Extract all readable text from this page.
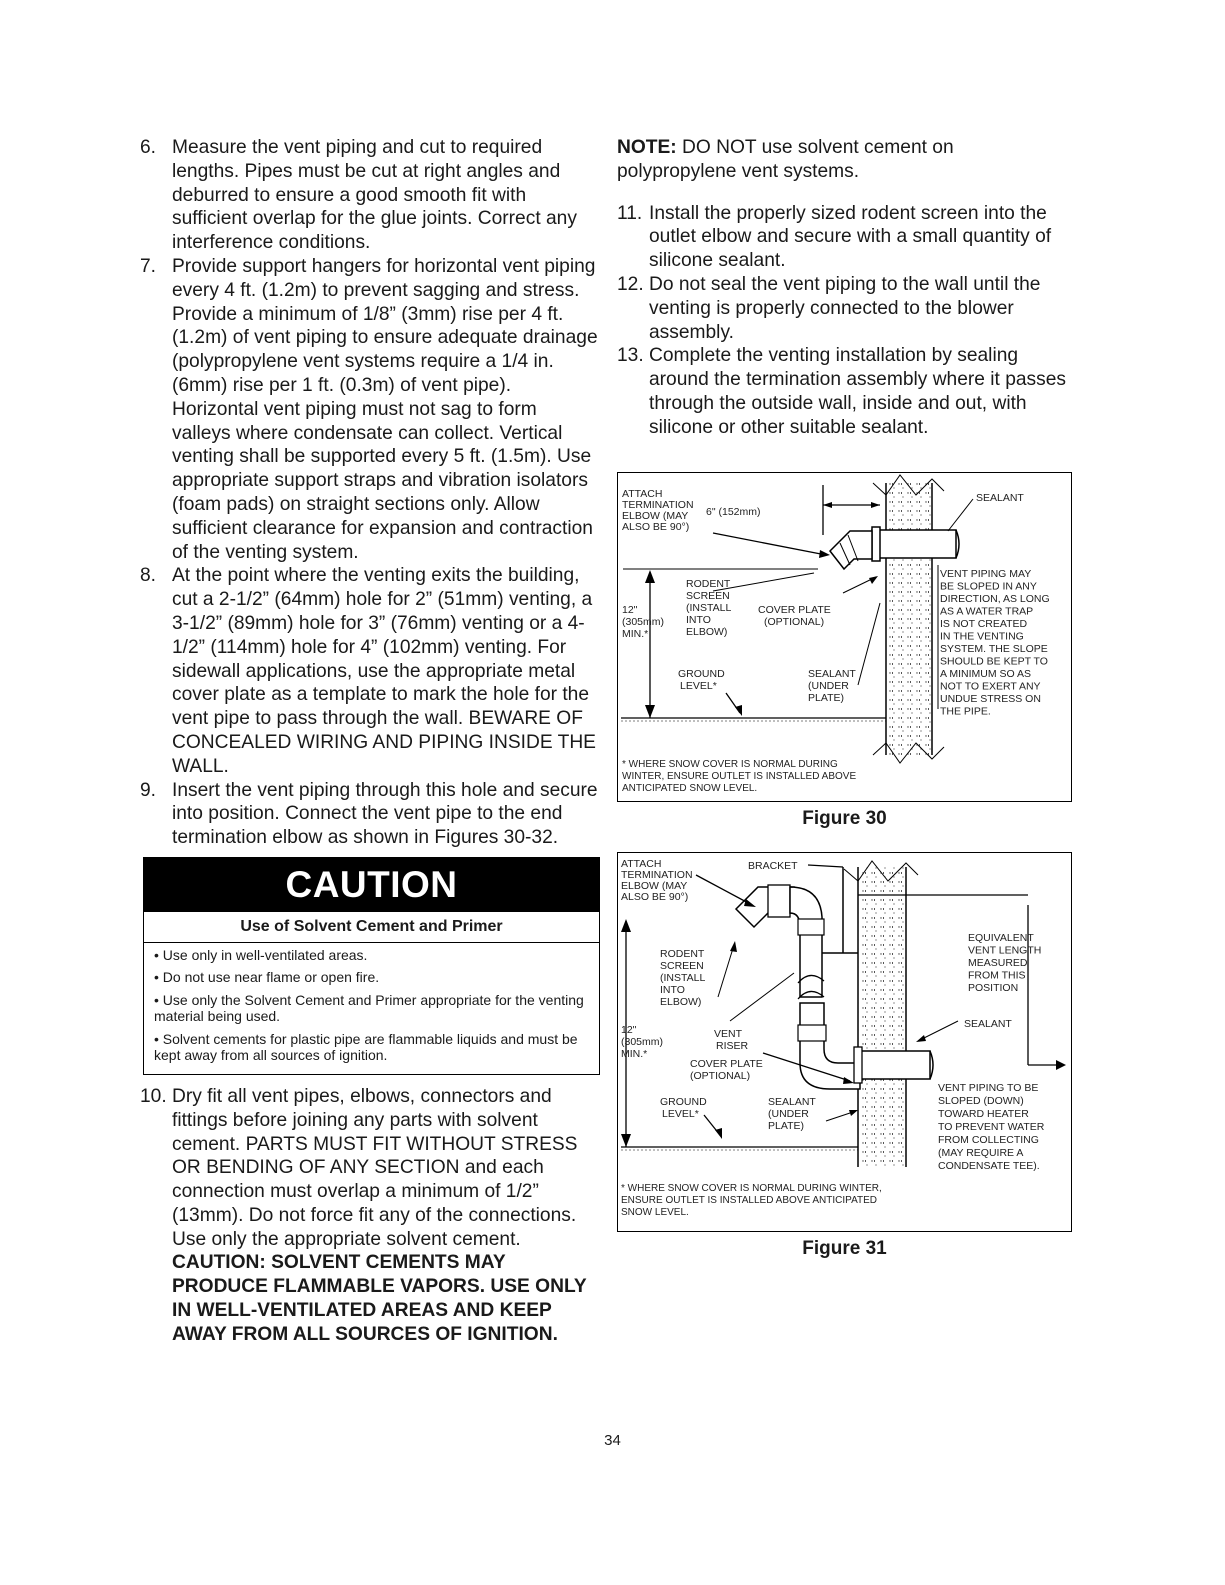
6. Measure the vent piping and cut to required lengths. Pipes must be cut at right angles and deburred to ensure a good smooth fit with sufficient overlap for the glue joints. Correct any interference conditions.
7. Provide support hangers for horizontal vent piping every 4 ft. (1.2m) to prevent sagging and stress. Provide a minimum of 1/8” (3mm) rise per 4 ft. (1.2m) of vent piping to ensure adequate drainage (polypropylene vent systems require a 1/4 in. (6mm) rise per 1 ft. (0.3m) of vent pipe). Horizontal vent piping must not sag to form valleys where condensate can collect. Vertical venting shall be supported every 5 ft. (1.5m). Use appropriate support straps and vibration isolators (foam pads) on straight sections only. Allow sufficient clearance for expansion and contraction of the venting system.
8. At the point where the venting exits the building, cut a 2-1/2” (64mm) hole for 2” (51mm) venting, a 3-1/2” (89mm) hole for 3” (76mm) venting or a 4-1/2” (114mm) hole for 4” (102mm) venting. For sidewall applications, use the appropriate metal cover plate as a template to mark the hole for the vent pipe to pass through the wall. BEWARE OF CONCEALED WIRING AND PIPING INSIDE THE WALL.
9. Insert the vent piping through this hole and secure into position. Connect the vent pipe to the end termination elbow as shown in Figures 30-32.
CAUTION
Use of Solvent Cement and Primer
• Use only in well-ventilated areas.
• Do not use near flame or open fire.
• Use only the Solvent Cement and Primer appropriate for the venting material being used.
• Solvent cements for plastic pipe are flammable liquids and must be kept away from all sources of ignition.
10. Dry fit all vent pipes, elbows, connectors and fittings before joining any parts with solvent cement. PARTS MUST FIT WITHOUT STRESS OR BENDING OF ANY SECTION and each connection must overlap a minimum of 1/2” (13mm). Do not force fit any of the connections. Use only the appropriate solvent cement. CAUTION: SOLVENT CEMENTS MAY PRODUCE FLAMMABLE VAPORS. USE ONLY IN WELL-VENTILATED AREAS AND KEEP AWAY FROM ALL SOURCES OF IGNITION.
NOTE: DO NOT use solvent cement on polypropylene vent systems.
11. Install the properly sized rodent screen into the outlet elbow and secure with a small quantity of silicone sealant.
12. Do not seal the vent piping to the wall until the venting is properly connected to the blower assembly.
13. Complete the venting installation by sealing around the termination assembly where it passes through the outside wall, inside and out, with silicone or other suitable sealant.
ATTACH TERMINATION ELBOW (MAY ALSO BE 90°)
6" (152mm)
SEALANT
RODENT SCREEN (INSTALL INTO ELBOW)
COVER PLATE (OPTIONAL)
12" (305mm) MIN.*
GROUND LEVEL*
SEALANT (UNDER PLATE)
VENT PIPING MAY BE SLOPED IN ANY DIRECTION, AS LONG AS A WATER TRAP IS NOT CREATED IN THE VENTING SYSTEM. THE SLOPE SHOULD BE KEPT TO A MINIMUM SO AS NOT TO EXERT ANY UNDUE STRESS ON THE PIPE.
* WHERE SNOW COVER IS NORMAL DURING WINTER, ENSURE OUTLET IS INSTALLED ABOVE ANTICIPATED SNOW LEVEL.
Figure 30
ATTACH TERMINATION ELBOW (MAY ALSO BE 90°)
BRACKET
RODENT SCREEN (INSTALL INTO ELBOW)
EQUIVALENT VENT LENGTH MEASURED FROM THIS POSITION
SEALANT
12" (305mm) MIN.*
VENT RISER
COVER PLATE (OPTIONAL)
GROUND LEVEL*
SEALANT (UNDER PLATE)
VENT PIPING TO BE SLOPED (DOWN) TOWARD HEATER TO PREVENT WATER FROM COLLECTING (MAY REQUIRE A CONDENSATE TEE).
* WHERE SNOW COVER IS NORMAL DURING WINTER, ENSURE OUTLET IS INSTALLED ABOVE ANTICIPATED SNOW LEVEL.
Figure 31
34
